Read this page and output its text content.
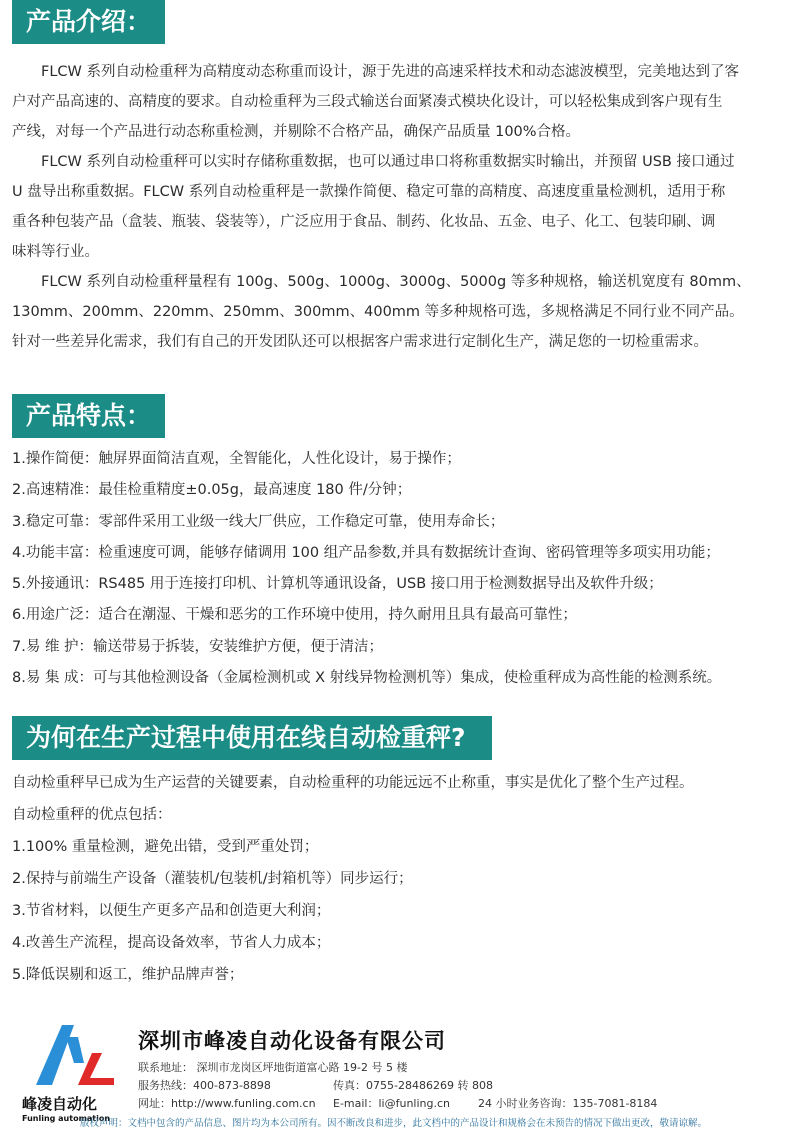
产品介绍：
　　FLCW 系列自动检重秤为高精度动态称重而设计，源于先进的高速采样技术和动态滤波模型，完美地达到了客
户对产品高速的、高精度的要求。自动检重秤为三段式输送台面紧凑式模块化设计，可以轻松集成到客户现有生
产线，对每一个产品进行动态称重检测，并剔除不合格产品，确保产品质量 100%合格。
　　FLCW 系列自动检重秤可以实时存储称重数据，也可以通过串口将称重数据实时输出，并预留 USB 接口通过
U 盘导出称重数据。FLCW 系列自动检重秤是一款操作简便、稳定可靠的高精度、高速度重量检测机，适用于称
重各种包装产品（盒装、瓶装、袋装等），广泛应用于食品、制药、化妆品、五金、电子、化工、包装印刷、调
味料等行业。
　　FLCW 系列自动检重秤量程有 100g、500g、1000g、3000g、5000g 等多种规格，输送机宽度有 80mm、
130mm、200mm、220mm、250mm、300mm、400mm 等多种规格可选，多规格满足不同行业不同产品。
针对一些差异化需求，我们有自己的开发团队还可以根据客户需求进行定制化生产，满足您的一切检重需求。
产品特点：
1.操作简便：触屏界面简洁直观，全智能化，人性化设计，易于操作；
2.高速精准：最佳检重精度±0.05g，最高速度 180 件/分钟；
3.稳定可靠：零部件采用工业级一线大厂供应，工作稳定可靠，使用寿命长；
4.功能丰富：检重速度可调，能够存储调用 100 组产品参数,并具有数据统计查询、密码管理等多项实用功能；
5.外接通讯：RS485 用于连接打印机、计算机等通讯设备，USB 接口用于检测数据导出及软件升级；
6.用途广泛：适合在潮湿、干燥和恶劣的工作环境中使用，持久耐用且具有最高可靠性；
7.易 维 护：输送带易于拆装，安装维护方便，便于清洁；
8.易 集 成：可与其他检测设备（金属检测机或 X 射线异物检测机等）集成，使检重秤成为高性能的检测系统。
为何在生产过程中使用在线自动检重秤?
自动检重秤早已成为生产运营的关键要素，自动检重秤的功能远远不止称重，事实是优化了整个生产过程。
自动检重秤的优点包括：
1.100% 重量检测，避免出错，受到严重处罚；
2.保持与前端生产设备（灌装机/包装机/封箱机等）同步运行；
3.节省材料，以便生产更多产品和创造更大利润；
4.改善生产流程，提高设备效率，节省人力成本；
5.降低误剔和返工，维护品牌声誉；
峰凌自动化
Funling automation
深圳市峰凌自动化设备有限公司
联系地址： 深圳市龙岗区坪地街道富心路 19-2 号 5 楼
服务热线：400-873-8898	传真：0755-28486269 转 808
网址：http://www.funling.com.cn E-mail：li@funling.cn	24 小时业务咨询：135-7081-8184
版权声明：文档中包含的产品信息、图片均为本公司所有。因不断改良和进步，此文档中的产品设计和规格会在未预告的情况下做出更改，敬请谅解。
